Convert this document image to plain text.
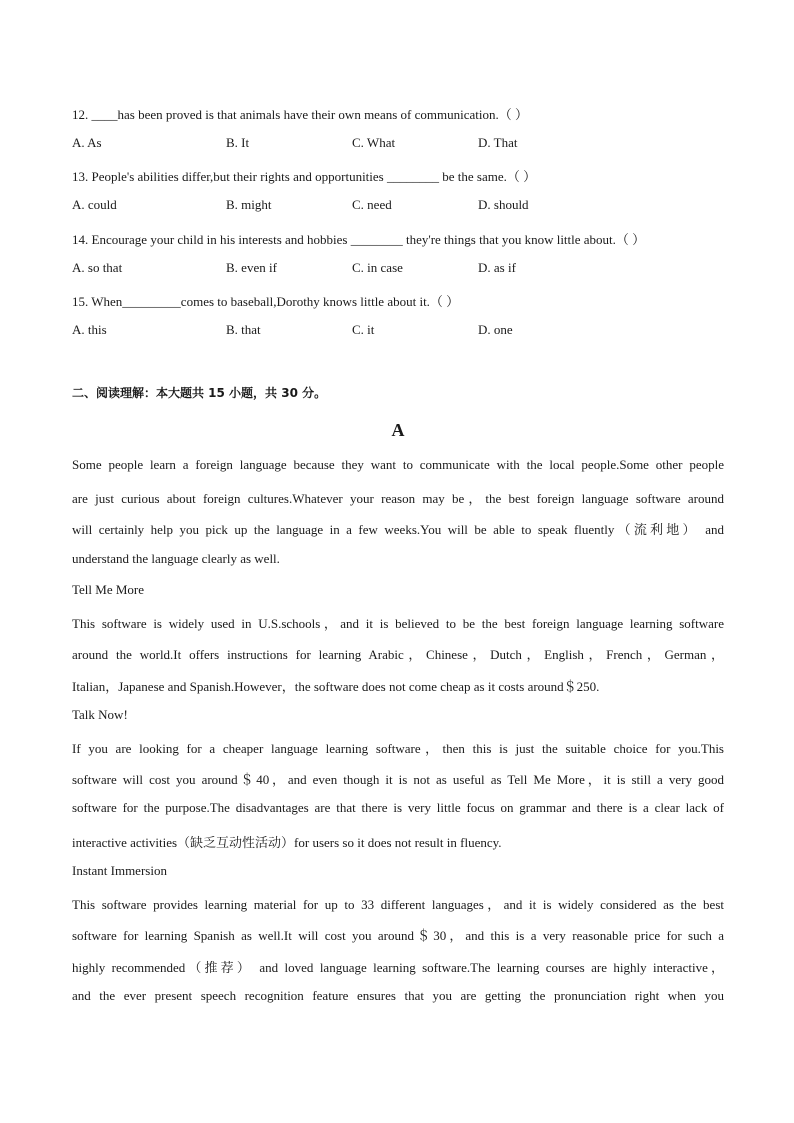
12. ____has been proved is that animals have their own means of communication.（ ）
A. As	B. It	C. What	D. That
13. People's abilities differ,but their rights and opportunities ________ be the same.（ ）
A. could	B. might	C. need	D. should
14. Encourage your child in his interests and hobbies ________ they're things that you know little about.（ ）
A. so that	B. even if	C. in case	D. as if
15. When_________comes to baseball,Dorothy knows little about it.（ ）
A. this	B. that	C. it	D. one
二、阅读理解：本大题共 15 小题，共 30 分。
A
Some people learn a foreign language because they want to communicate with the local people.Some other people
are just curious about foreign cultures.Whatever your reason may be，the best foreign language software around
will certainly help you pick up the language in a few weeks.You will be able to speak fluently（流利地） and
understand the language clearly as well.
Tell Me More
This software is widely used in U.S.schools，and it is believed to be the best foreign language learning software
around the world.It offers instructions for learning Arabic，Chinese，Dutch，English，French，German，
Italian，Japanese and Spanish.However，the software does not come cheap as it costs around＄250.
Talk Now!
If you are looking for a cheaper language learning software，then this is just the suitable choice for you.This
software will cost you around＄40，and even though it is not as useful as Tell Me More，it is still a very good
software for the purpose.The disadvantages are that there is very little focus on grammar and there is a clear lack of
interactive activities（缺乏互动性活动）for users so it does not result in fluency.
Instant Immersion
This software provides learning material for up to 33 different languages，and it is widely considered as the best
software for learning Spanish as well.It will cost you around＄30，and this is a very reasonable price for such a
highly recommended（推荐） and loved language learning software.The learning courses are highly interactive，
and the ever present speech recognition feature ensures that you are getting the pronunciation right when you
